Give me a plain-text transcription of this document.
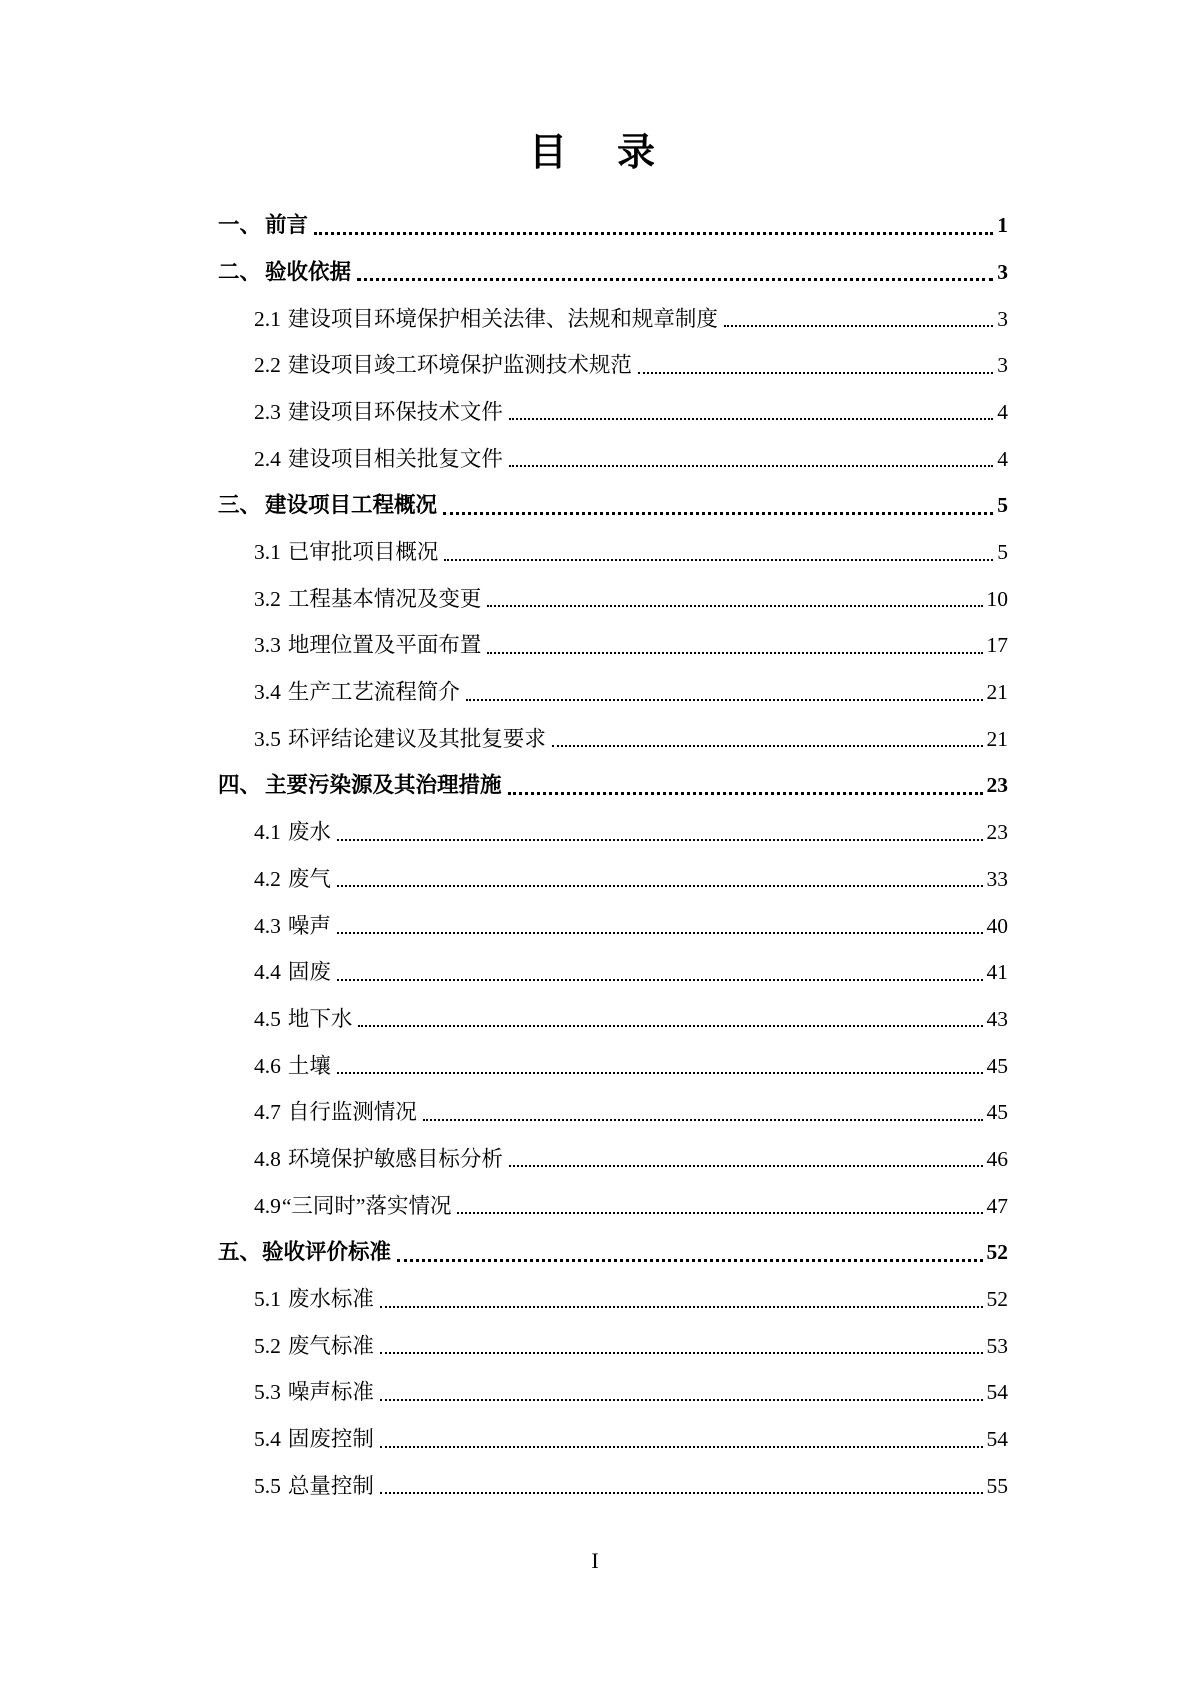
目　录
一、 前言	1
二、 验收依据	3
2.1 建设项目环境保护相关法律、法规和规章制度	3
2.2 建设项目竣工环境保护监测技术规范	3
2.3 建设项目环保技术文件	4
2.4 建设项目相关批复文件	4
三、 建设项目工程概况	5
3.1 已审批项目概况	5
3.2 工程基本情况及变更	10
3.3 地理位置及平面布置	17
3.4 生产工艺流程简介	21
3.5 环评结论建议及其批复要求	21
四、 主要污染源及其治理措施	23
4.1 废水	23
4.2 废气	33
4.3 噪声	40
4.4 固废	41
4.5 地下水	43
4.6 土壤	45
4.7 自行监测情况	45
4.8 环境保护敏感目标分析	46
4.9 “三同时”落实情况	47
五、 验收评价标准	52
5.1 废水标准	52
5.2 废气标准	53
5.3 噪声标准	54
5.4 固废控制	54
5.5 总量控制	55
I
